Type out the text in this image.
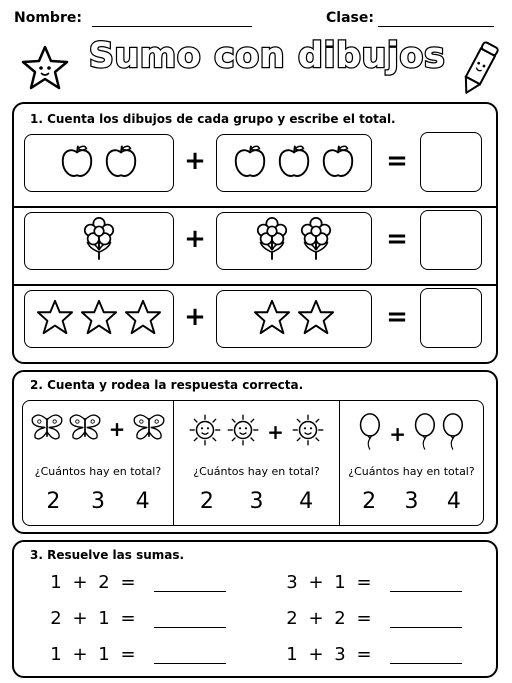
Nombre:	Clase:
Sumo con dibujos
1. Cuenta los dibujos de cada grupo y escribe el total.
+	=
+	=
+	=
2. Cuenta y rodea la respuesta correcta.
+
¿Cuántos hay en total?
2 3 4
+
¿Cuántos hay en total?
2 3 4
+
¿Cuántos hay en total?
2 3 4
3. Resuelve las sumas.
1 + 2 =	3 + 1 =
2 + 1 =	2 + 2 =
1 + 1 =	1 + 3 =
